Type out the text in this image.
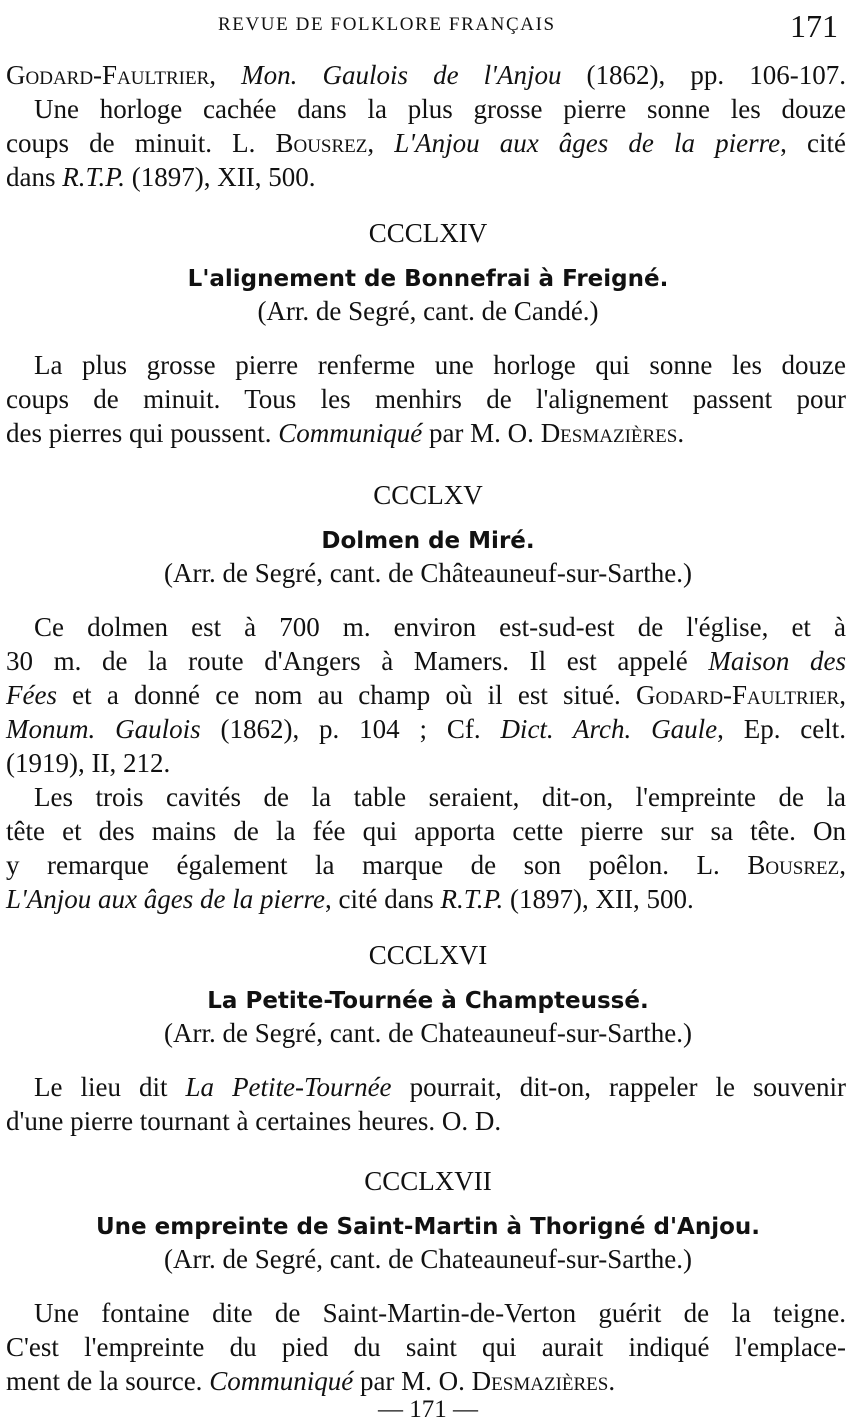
REVUE DE FOLKLORE FRANÇAIS	171

Godard-Faultrier, Mon. Gaulois de l'Anjou (1862), pp. 106-107.

Une horloge cachée dans la plus grosse pierre sonne les douze

coups de minuit. L. Bousrez, L'Anjou aux âges de la pierre, cité

dans R.T.P. (1897), XII, 500.

CCCLXIV

L'alignement de Bonnefrai à Freigné.

(Arr. de Segré, cant. de Candé.)

La plus grosse pierre renferme une horloge qui sonne les douze

coups de minuit. Tous les menhirs de l'alignement passent pour

des pierres qui poussent. Communiqué par M. O. Desmazières.

CCCLXV

Dolmen de Miré.

(Arr. de Segré, cant. de Châteauneuf-sur-Sarthe.)

Ce dolmen est à 700 m. environ est-sud-est de l'église, et à

30 m. de la route d'Angers à Mamers. Il est appelé Maison des

Fées et a donné ce nom au champ où il est situé. Godard-Faultrier,

Monum. Gaulois (1862), p. 104 ; Cf. Dict. Arch. Gaule, Ep. celt.

(1919), II, 212.

Les trois cavités de la table seraient, dit-on, l'empreinte de la

tête et des mains de la fée qui apporta cette pierre sur sa tête. On

y remarque également la marque de son poêlon. L. Bousrez,

L'Anjou aux âges de la pierre, cité dans R.T.P. (1897), XII, 500.

CCCLXVI

La Petite-Tournée à Champteussé.

(Arr. de Segré, cant. de Chateauneuf-sur-Sarthe.)

Le lieu dit La Petite-Tournée pourrait, dit-on, rappeler le souvenir

d'une pierre tournant à certaines heures. O. D.

CCCLXVII

Une empreinte de Saint-Martin à Thorigné d'Anjou.

(Arr. de Segré, cant. de Chateauneuf-sur-Sarthe.)

Une fontaine dite de Saint-Martin-de-Verton guérit de la teigne.

C'est l'empreinte du pied du saint qui aurait indiqué l'emplace-

ment de la source. Communiqué par M. O. Desmazières.

— 171 —
